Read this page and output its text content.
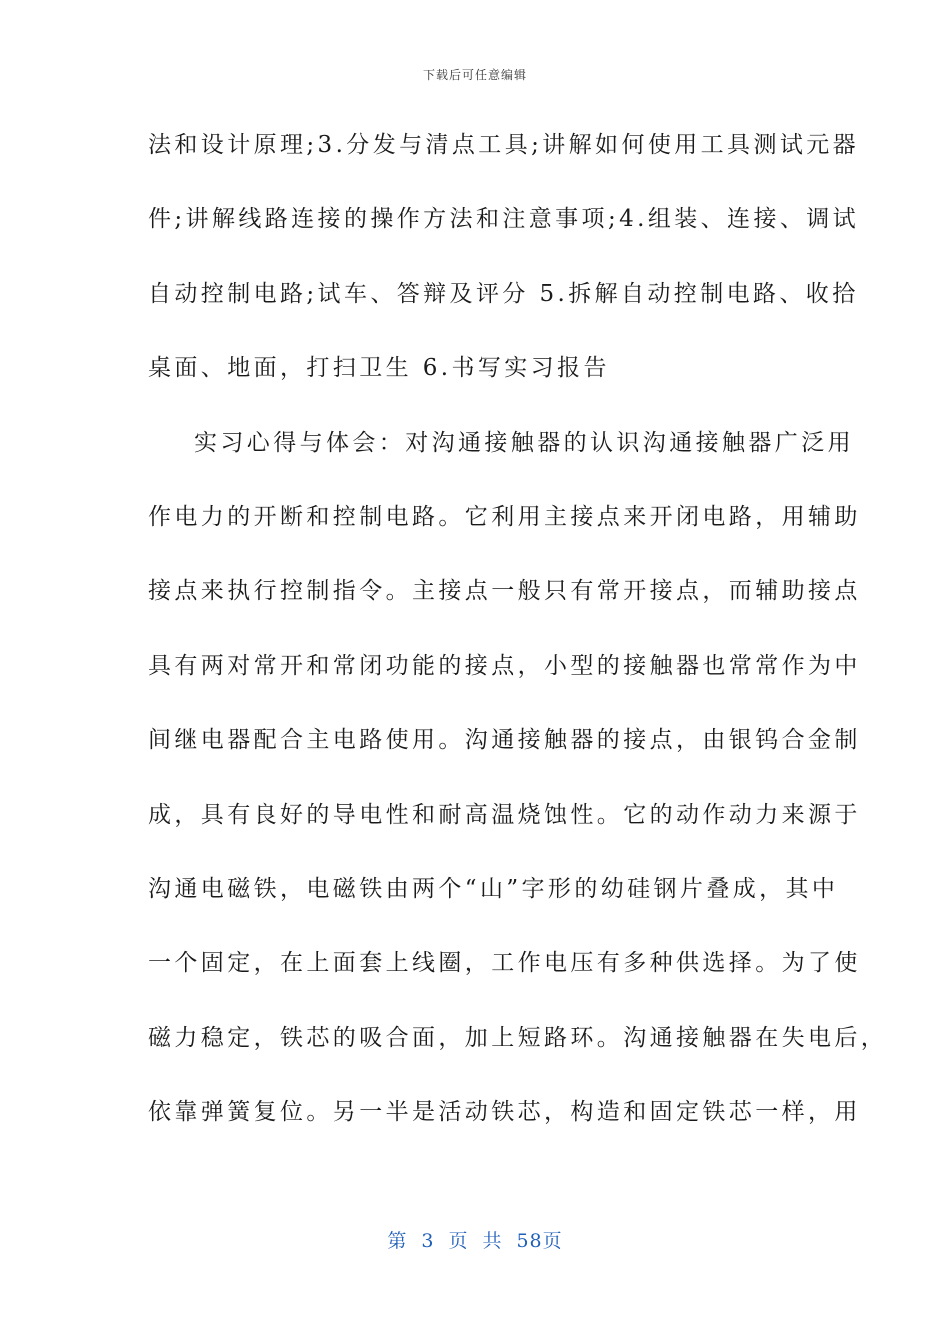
下载后可任意编辑
法和设计原理;3.分发与清点工具;讲解如何使用工具测试元器
件;讲解线路连接的操作方法和注意事项;4.组装、连接、调试
自动控制电路;试车、答辩及评分 5.拆解自动控制电路、收拾
桌面、地面，打扫卫生 6.书写实习报告
实习心得与体会：对沟通接触器的认识沟通接触器广泛用
作电力的开断和控制电路。它利用主接点来开闭电路，用辅助
接点来执行控制指令。主接点一般只有常开接点，而辅助接点
具有两对常开和常闭功能的接点，小型的接触器也常常作为中
间继电器配合主电路使用。沟通接触器的接点，由银钨合金制
成，具有良好的导电性和耐高温烧蚀性。它的动作动力来源于
沟通电磁铁，电磁铁由两个“山”字形的幼硅钢片叠成，其中
一个固定，在上面套上线圈，工作电压有多种供选择。为了使
磁力稳定，铁芯的吸合面，加上短路环。沟通接触器在失电后，
依靠弹簧复位。另一半是活动铁芯，构造和固定铁芯一样，用
第 3 页 共 58页
